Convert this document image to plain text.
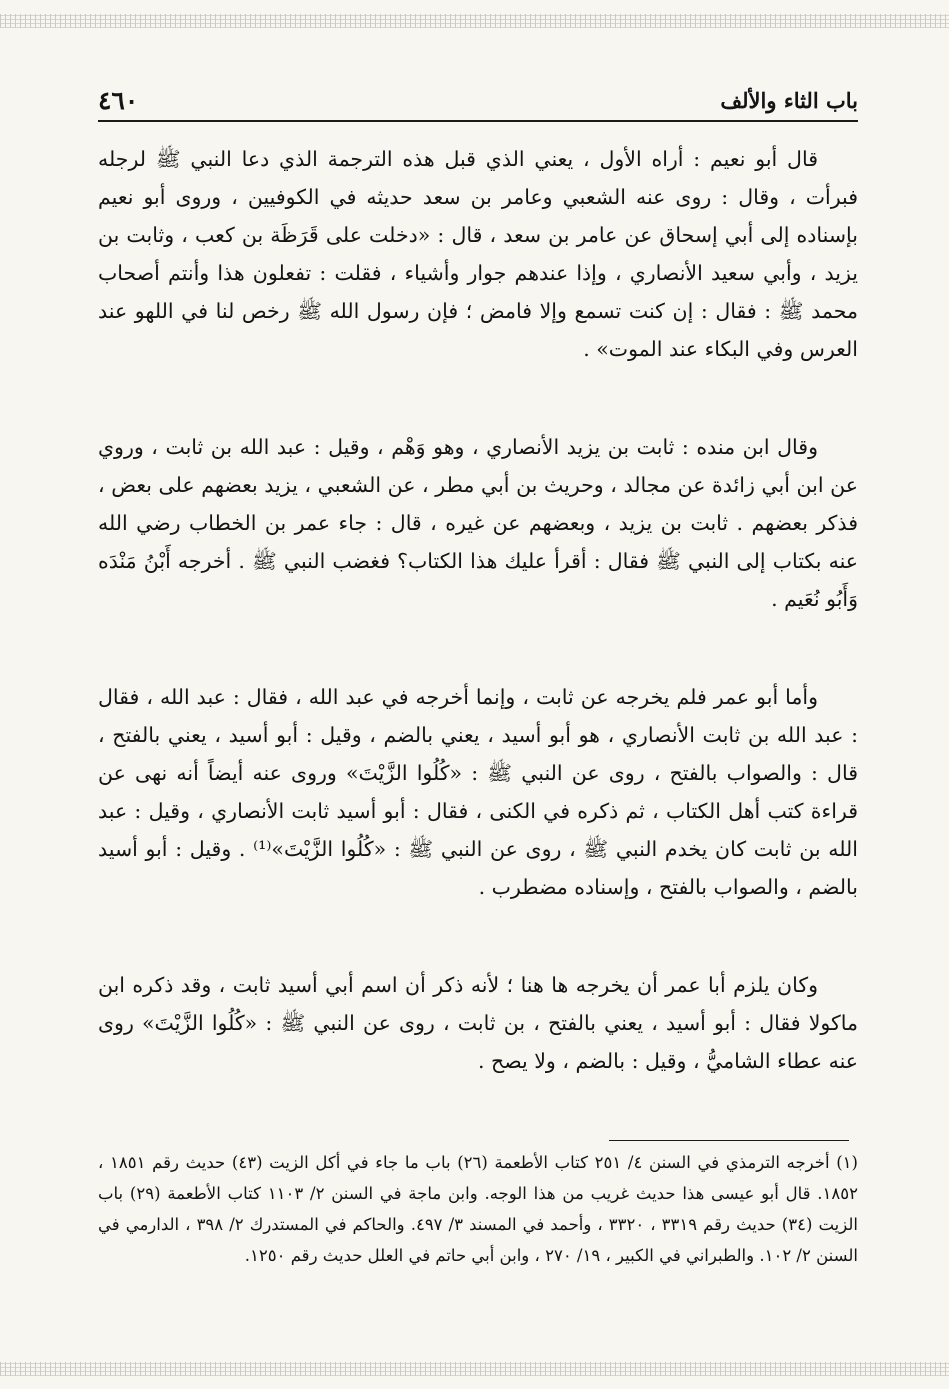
باب الثاء والألف
٤٦٠

قال أبو نعيم : أراه الأول ، يعني الذي قبل هذه الترجمة الذي دعا النبي ﷺ لرجله فبرأت ، وقال : روى عنه الشعبي وعامر بن سعد حديثه في الكوفيين ، وروى أبو نعيم بإسناده إلى أبي إسحاق عن عامر بن سعد ، قال : «دخلت على قَرَظَة بن كعب ، وثابت بن يزيد ، وأبي سعيد الأنصاري ، وإذا عندهم جوار وأشياء ، فقلت : تفعلون هذا وأنتم أصحاب محمد ﷺ : فقال : إن كنت تسمع وإلا فامض ؛ فإن رسول الله ﷺ رخص لنا في اللهو عند العرس وفي البكاء عند الموت» .

وقال ابن منده : ثابت بن يزيد الأنصاري ، وهو وَهْم ، وقيل : عبد الله بن ثابت ، وروي عن ابن أبي زائدة عن مجالد ، وحريث بن أبي مطر ، عن الشعبي ، يزيد بعضهم على بعض ، فذكر بعضهم . ثابت بن يزيد ، وبعضهم عن غيره ، قال : جاء عمر بن الخطاب رضي الله عنه بكتاب إلى النبي ﷺ فقال : أقرأ عليك هذا الكتاب؟ فغضب النبي ﷺ . أخرجه أَبْنُ مَنْدَه وَأَبُو نُعَيم .

وأما أبو عمر فلم يخرجه عن ثابت ، وإنما أخرجه في عبد الله ، فقال : عبد الله ، فقال : عبد الله بن ثابت الأنصاري ، هو أبو أسيد ، يعني بالضم ، وقيل : أبو أسيد ، يعني بالفتح ، قال : والصواب بالفتح ، روى عن النبي ﷺ : «كُلُوا الزَّيْتَ» وروى عنه أيضاً أنه نهى عن قراءة كتب أهل الكتاب ، ثم ذكره في الكنى ، فقال : أبو أسيد ثابت الأنصاري ، وقيل : عبد الله بن ثابت كان يخدم النبي ﷺ ، روى عن النبي ﷺ : «كُلُوا الزَّيْتَ»⁽¹⁾ . وقيل : أبو أسيد بالضم ، والصواب بالفتح ، وإسناده مضطرب .

وكان يلزم أبا عمر أن يخرجه ها هنا ؛ لأنه ذكر أن اسم أبي أسيد ثابت ، وقد ذكره ابن ماكولا فقال : أبو أسيد ، يعني بالفتح ، بن ثابت ، روى عن النبي ﷺ : «كُلُوا الزَّيْتَ» روى عنه عطاء الشاميُّ ، وقيل : بالضم ، ولا يصح .

(١) أخرجه الترمذي في السنن ٤/ ٢٥١ كتاب الأطعمة (٢٦) باب ما جاء في أكل الزيت (٤٣) حديث رقم ١٨٥١ ، ١٨٥٢. قال أبو عيسى هذا حديث غريب من هذا الوجه. وابن ماجة في السنن ٢/ ١١٠٣ كتاب الأطعمة (٢٩) باب الزيت (٣٤) حديث رقم ٣٣١٩ ، ٣٣٢٠ ، وأحمد في المسند ٣/ ٤٩٧. والحاكم في المستدرك ٢/ ٣٩٨ ، الدارمي في السنن ٢/ ١٠٢. والطبراني في الكبير ، ١٩/ ٢٧٠ ، وابن أبي حاتم في العلل حديث رقم ١٢٥٠.
